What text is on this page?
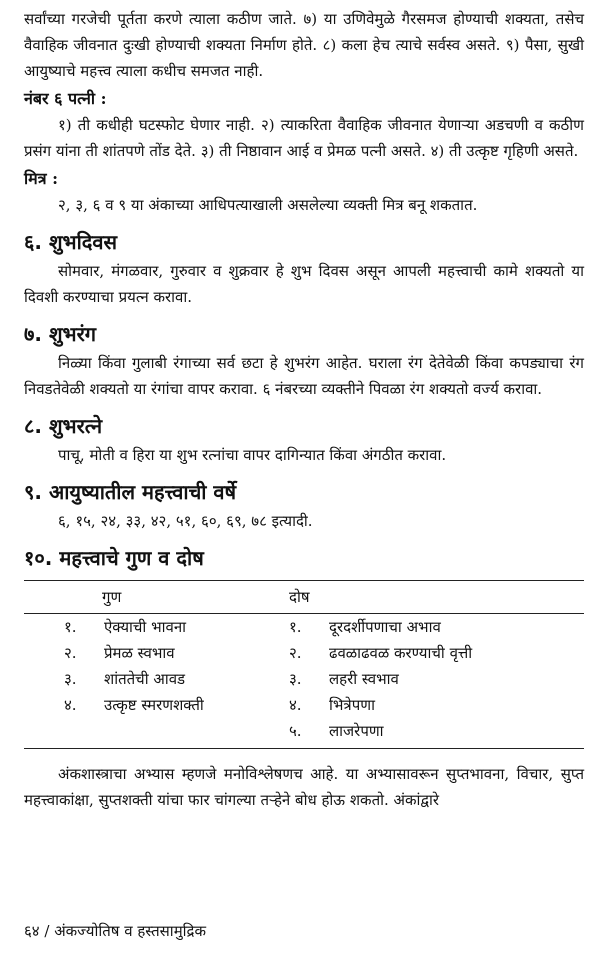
सर्वांच्या गरजेची पूर्तता करणे त्याला कठीण जाते. ७) या उणिवेमुळे गैरसमज होण्याची शक्यता, तसेच वैवाहिक जीवनात दुःखी होण्याची शक्यता निर्माण होते. ८) कला हेच त्याचे सर्वस्व असते. ९) पैसा, सुखी आयुष्याचे महत्त्व त्याला कधीच समजत नाही.

नंबर ६ पत्नी :

१) ती कधीही घटस्फोट घेणार नाही. २) त्याकरिता वैवाहिक जीवनात येणाऱ्या अडचणी व कठीण प्रसंग यांना ती शांतपणे तोंड देते. ३) ती निष्ठावान आई व प्रेमळ पत्नी असते. ४) ती उत्कृष्ट गृहिणी असते.

मित्र :

२, ३, ६ व ९ या अंकाच्या आधिपत्याखाली असलेल्या व्यक्ती मित्र बनू शकतात.

६. शुभदिवस

सोमवार, मंगळवार, गुरुवार व शुक्रवार हे शुभ दिवस असून आपली महत्त्वाची कामे शक्यतो या दिवशी करण्याचा प्रयत्न करावा.

७. शुभरंग

निळ्या किंवा गुलाबी रंगाच्या सर्व छटा हे शुभरंग आहेत. घराला रंग देतेवेळी किंवा कपड्याचा रंग निवडतेवेळी शक्यतो या रंगांचा वापर करावा. ६ नंबरच्या व्यक्तीने पिवळा रंग शक्यतो वर्ज्य करावा.

८. शुभरत्ने

पाचू, मोती व हिरा या शुभ रत्नांचा वापर दागिन्यात किंवा अंगठीत करावा.

९. आयुष्यातील महत्त्वाची वर्षे

६, १५, २४, ३३, ४२, ५१, ६०, ६९, ७८ इत्यादी.

१०. महत्त्वाचे गुण व दोष
गुण		दोष	
१.	ऐक्याची भावना	१.	दूरदर्शीपणाचा अभाव
२.	प्रेमळ स्वभाव	२.	ढवळाढवळ करण्याची वृत्ती
३.	शांततेची आवड	३.	लहरी स्वभाव
४.	उत्कृष्ट स्मरणशक्ती	४.	भित्रेपणा
		५.	लाजरेपणा

अंकशास्त्राचा अभ्यास म्हणजे मनोविश्लेषणच आहे. या अभ्यासावरून सुप्तभावना, विचार, सुप्त महत्त्वाकांक्षा, सुप्तशक्ती यांचा फार चांगल्या तऱ्हेने बोध होऊ शकतो. अंकांद्वारे

६४ / अंकज्योतिष व हस्तसामुद्रिक
